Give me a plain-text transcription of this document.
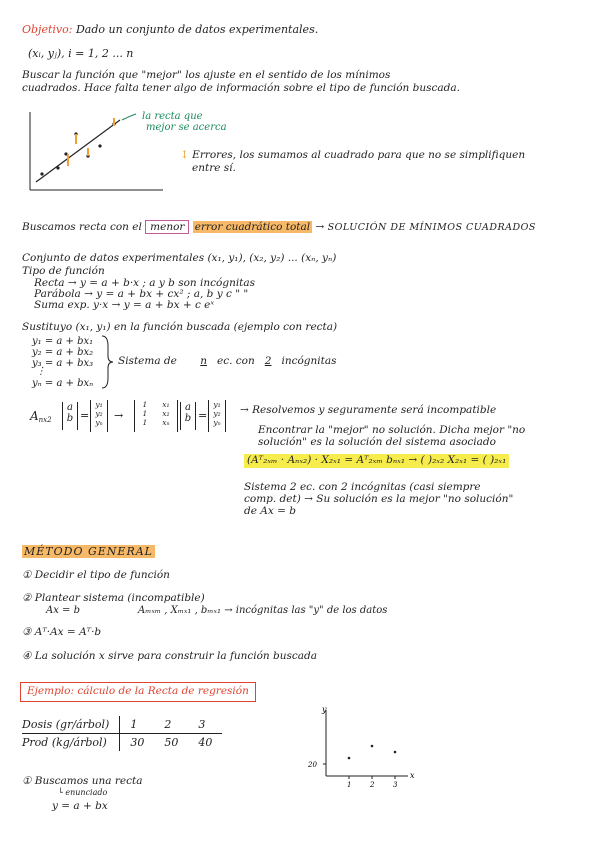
Objetivo: Dado un conjunto de datos experimentales.
(xᵢ, yⱼ), i = 1, 2 ... n
Buscar la función que "mejor" los ajuste en el sentido de los mínimos
cuadrados. Hace falta tener algo de información sobre el tipo de función buscada.
la recta que
mejor se acerca
↕ Errores, los sumamos al cuadrado para que no se simplifiquen
entre sí.
Buscamos recta con el menor error cuadrático total → SOLUCIÓN DE MÍNIMOS CUADRADOS
Conjunto de datos experimentales (x₁, y₁), (x₂, y₂) ... (xₙ, yₙ)
Tipo de función
Recta → y = a + b·x ; a y b son incógnitas
Parábola → y = a + bx + cx² ; a, b y c " "
Suma exp. y·x → y = a + bx + c eˣ
Sustituyo (x₁, y₁) en la función buscada (ejemplo con recta)
y₁ = a + bx₁
y₂ = a + bx₂
y₃ = a + bx₃
⋮
yₙ = a + bxₙ
Sistema de n ec. con 2 incógnitas
$A_{nx2}$
a
b =
y₁
y₂
yₙ
→
1 x₁
1 x₂
1 xₙ
a
b =
y₁
y₂
yₙ
→ Resolvemos y seguramente será incompatible
Encontrar la "mejor" no solución. Dicha mejor "no
solución" es la solución del sistema asociado
(Aᵀ₂ₓₘ · Aₙₓ₂) · X₂ₓ₁ = Aᵀ₂ₓₘ bₙₓ₁ → ( )₂ₓ₂ X₂ₓ₁ = ( )₂ₓ₁
Sistema 2 ec. con 2 incógnitas (casi siempre
comp. det) → Su solución es la mejor "no solución"
de Ax = b
MÉTODO GENERAL
① Decidir el tipo de función
② Plantear sistema (incompatible)
Ax = b	Aₘₓₘ , Xₘₓ₁ , bₘₓ₁ → incógnitas las "y" de los datos
③ Aᵀ·Ax = Aᵀ·b
④ La solución x sirve para construir la función buscada
Ejemplo: cálculo de la Recta de regresión
Dosis (gr/árbol)	1	2	3
Prod (kg/árbol)	30	50	40
y
x
20
1	2	3
① Buscamos una recta
└ enunciado
y = a + bx
